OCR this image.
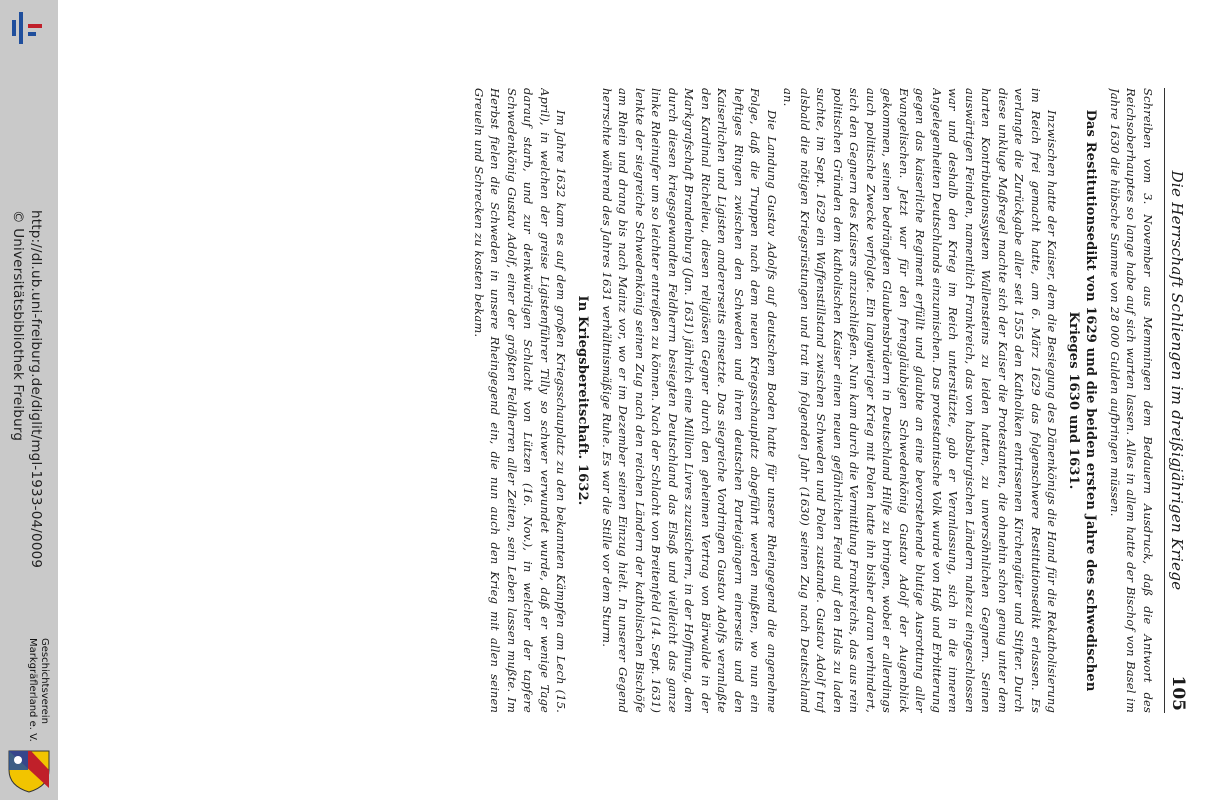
http://dl.ub.uni-freiburg.de/diglit/mgl-1933-04/0009
© Universitätsbibliothek Freiburg
Geschichtsverein
Markgräflerland e. V.
Die Herrschaft Schliengen im dreißigjährigen Kriege
105

Schreiben vom 3. November aus Memmingen dem Bedauern Ausdruck, daß die Antwort des Reichsoberhauptes so lange habe auf sich warten lassen. Alles in allem hatte der Bischof von Basel im Jahre 1630 die hübsche Summe von 28 000 Gulden aufbringen müssen.

Das Restitutionsedikt von 1629 und die beiden ersten Jahre des schwedischen Krieges 1630 und 1631.

Inzwischen hatte der Kaiser, dem die Besiegung des Dänenkönigs die Hand für die Rekatholisierung im Reich frei gemacht hatte, am 6. März 1629 das folgenschwere Restitutionsedikt erlassen. Es verlangte die Zurückgabe aller seit 1555 den Katholiken entrissenen Kirchengüter und Stifter. Durch diese unkluge Maßregel machte sich der Kaiser die Protestanten, die ohnehin schon genug unter dem harten Kontributionssystem Wallensteins zu leiden hatten, zu unversöhnlichen Gegnern. Seinen auswärtigen Feinden, namentlich Frankreich, das von habsburgischen Ländern nahezu eingeschlossen war und deshalb den Krieg im Reich unterstützte, gab er Veranlassung, sich in die inneren Angelegenheiten Deutschlands einzumischen. Das protestantische Volk wurde von Haß und Erbitterung gegen das kaiserliche Regiment erfüllt und glaubte an eine bevorstehende blutige Ausrottung aller Evangelischen. Jetzt war für den frenggläubigen Schwedenkönig Gustav Adolf der Augenblick gekommen, seinen bedrängten Glaubensbrüdern in Deutschland Hilfe zu bringen, wobei er allerdings auch politische Zwecke verfolgte. Ein langwieriger Krieg mit Polen hatte ihn bisher daran verhindert, sich den Gegnern des Kaisers anzuschließen. Nun kam durch die Vermittlung Frankreichs, das aus rein politischen Gründen dem katholischen Kaiser einen neuen gefährlichen Feind auf den Hals zu laden suchte, im Sept. 1629 ein Waffenstillstand zwischen Schweden und Polen zustande. Gustav Adolf traf alsbald die nötigen Kriegsrüstungen und trat im folgenden Jahr (1630) seinen Zug nach Deutschland an.

Die Landung Gustav Adolfs auf deutschem Boden hatte für unsere Rheingegend die angenehme Folge, daß die Truppen nach dem neuen Kriegsschauplatz abgeführt werden mußten, wo nun ein heftiges Ringen zwischen den Schweden und ihren deutschen Parteigängern einerseits und den Kaiserlichen und Ligisten andererseits einsetzte. Das siegreiche Vordringen Gustav Adolfs veranlaßte den Kardinal Richelieu, diesen religiösen Gegner durch den geheimen Vertrag von Bärwalde in der Markgrafschaft Brandenburg (Jan. 1631) jährlich eine Million Livres zuzusichern, in der Hoffnung, dem durch diesen kriegsgewandten Feldherrn besiegten Deutschland das Elsaß und vielleicht das ganze linke Rheinufer um so leichter entreißen zu können. Nach der Schlacht von Breitenfeld (14. Sept. 1631) lenkte der siegreiche Schwedenkönig seinen Zug nach den reichen Ländern der katholischen Bischöfe am Rhein und drang bis nach Mainz vor, wo er im Dezember seinen Einzug hielt. In unserer Gegend herrschte während des Jahres 1631 verhältnismäßige Ruhe. Es war die Stille vor dem Sturm.

In Kriegsbereitschaft. 1632.

Im Jahre 1632 kam es auf dem großen Kriegsschauplatz zu den bekannten Kämpfen am Lech (15. April), in welchen der greise Ligistenführer Tilly so schwer verwundet wurde, daß er wenige Tage darauf starb, und zur denkwürdigen Schlacht von Lützen (16. Nov.), in welcher der tapfere Schwedenkönig Gustav Adolf, einer der größten Feldherren aller Zeiten, sein Leben lassen mußte. Im Herbst fielen die Schweden in unsere Rheingegend ein, die nun auch den Krieg mit allen seinen Greueln und Schrecken zu kosten bekam.
